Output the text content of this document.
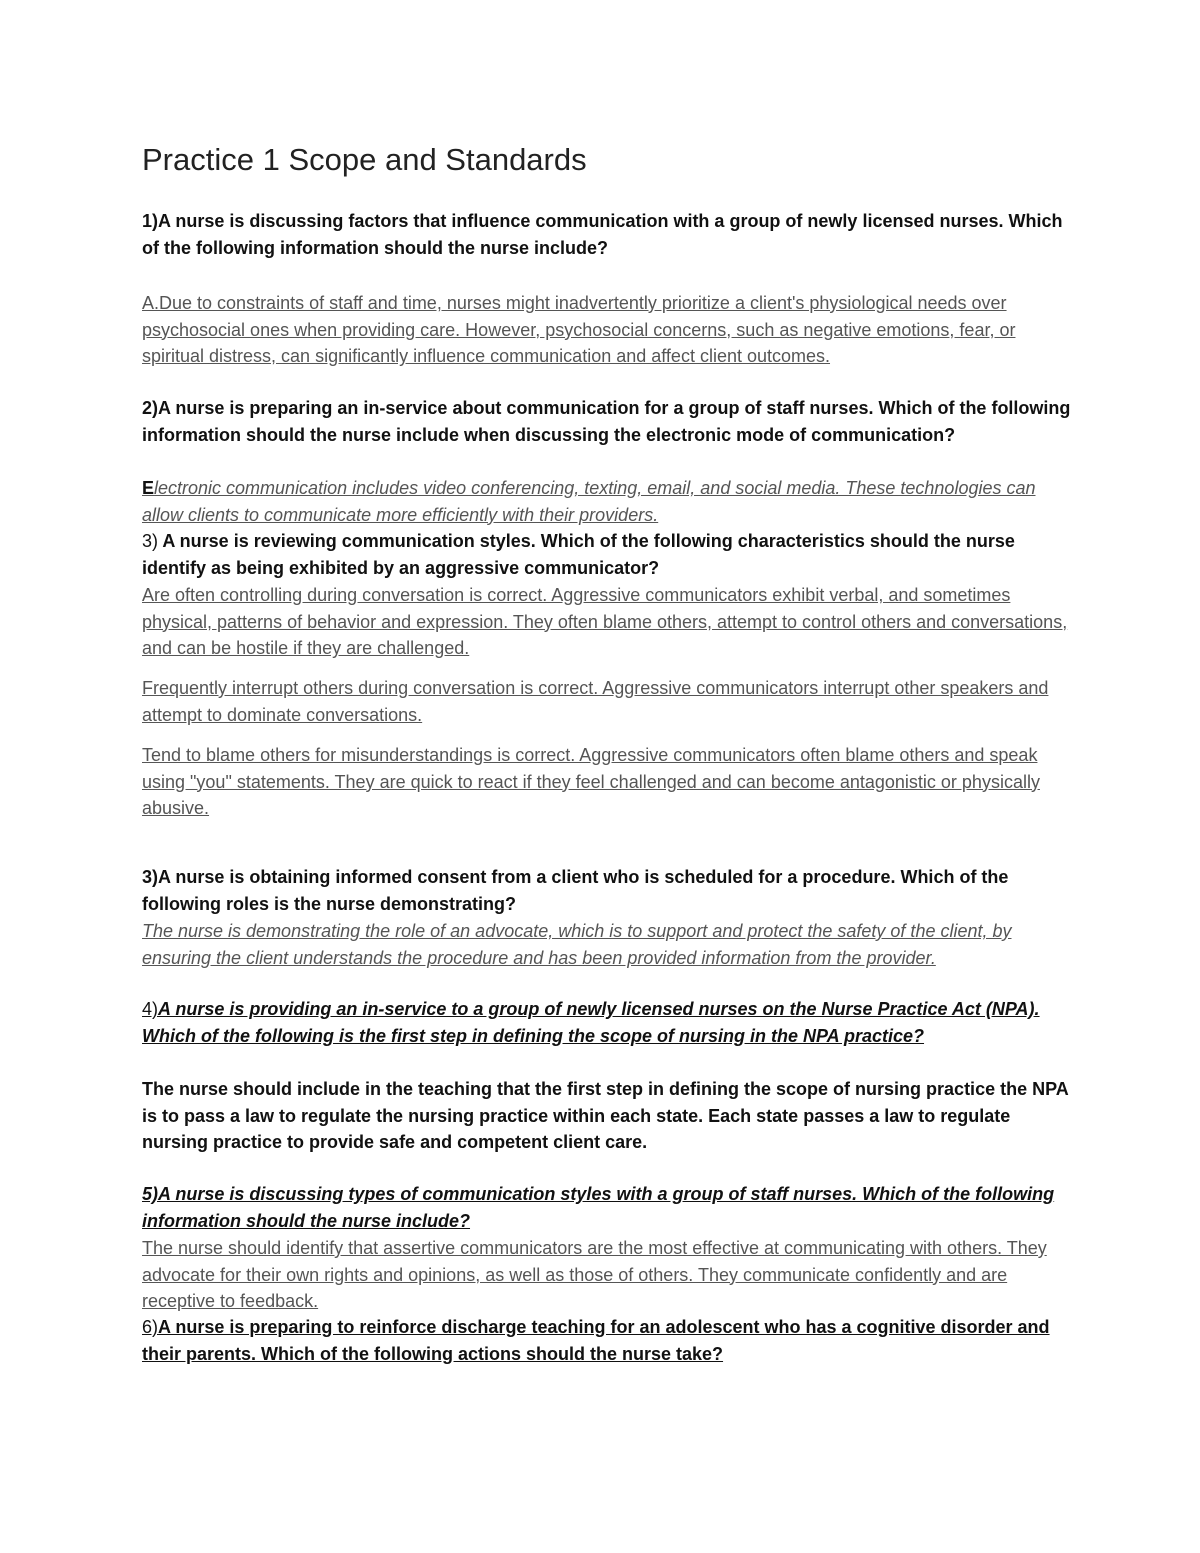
Practice 1 Scope and Standards

1)A nurse is discussing factors that influence communication with a group of newly licensed nurses. Which of the following information should the nurse include?

A.Due to constraints of staff and time, nurses might inadvertently prioritize a client's physiological needs over psychosocial ones when providing care. However, psychosocial concerns, such as negative emotions, fear, or spiritual distress, can significantly influence communication and affect client outcomes.

2)A nurse is preparing an in-service about communication for a group of staff nurses. Which of the following information should the nurse include when discussing the electronic mode of communication?

Electronic communication includes video conferencing, texting, email, and social media. These technologies can allow clients to communicate more efficiently with their providers.

3) A nurse is reviewing communication styles. Which of the following characteristics should the nurse identify as being exhibited by an aggressive communicator?

Are often controlling during conversation is correct. Aggressive communicators exhibit verbal, and sometimes physical, patterns of behavior and expression. They often blame others, attempt to control others and conversations, and can be hostile if they are challenged.

Frequently interrupt others during conversation is correct. Aggressive communicators interrupt other speakers and attempt to dominate conversations.

Tend to blame others for misunderstandings is correct. Aggressive communicators often blame others and speak using "you" statements. They are quick to react if they feel challenged and can become antagonistic or physically abusive.

3)A nurse is obtaining informed consent from a client who is scheduled for a procedure. Which of the following roles is the nurse demonstrating?

The nurse is demonstrating the role of an advocate, which is to support and protect the safety of the client, by ensuring the client understands the procedure and has been provided information from the provider.

4)A nurse is providing an in-service to a group of newly licensed nurses on the Nurse Practice Act (NPA). Which of the following is the first step in defining the scope of nursing in the NPA practice?

The nurse should include in the teaching that the first step in defining the scope of nursing practice the NPA is to pass a law to regulate the nursing practice within each state. Each state passes a law to regulate nursing practice to provide safe and competent client care.

5)A nurse is discussing types of communication styles with a group of staff nurses. Which of the following information should the nurse include?

The nurse should identify that assertive communicators are the most effective at communicating with others. They advocate for their own rights and opinions, as well as those of others. They communicate confidently and are receptive to feedback.

6)A nurse is preparing to reinforce discharge teaching for an adolescent who has a cognitive disorder and their parents. Which of the following actions should the nurse take?
